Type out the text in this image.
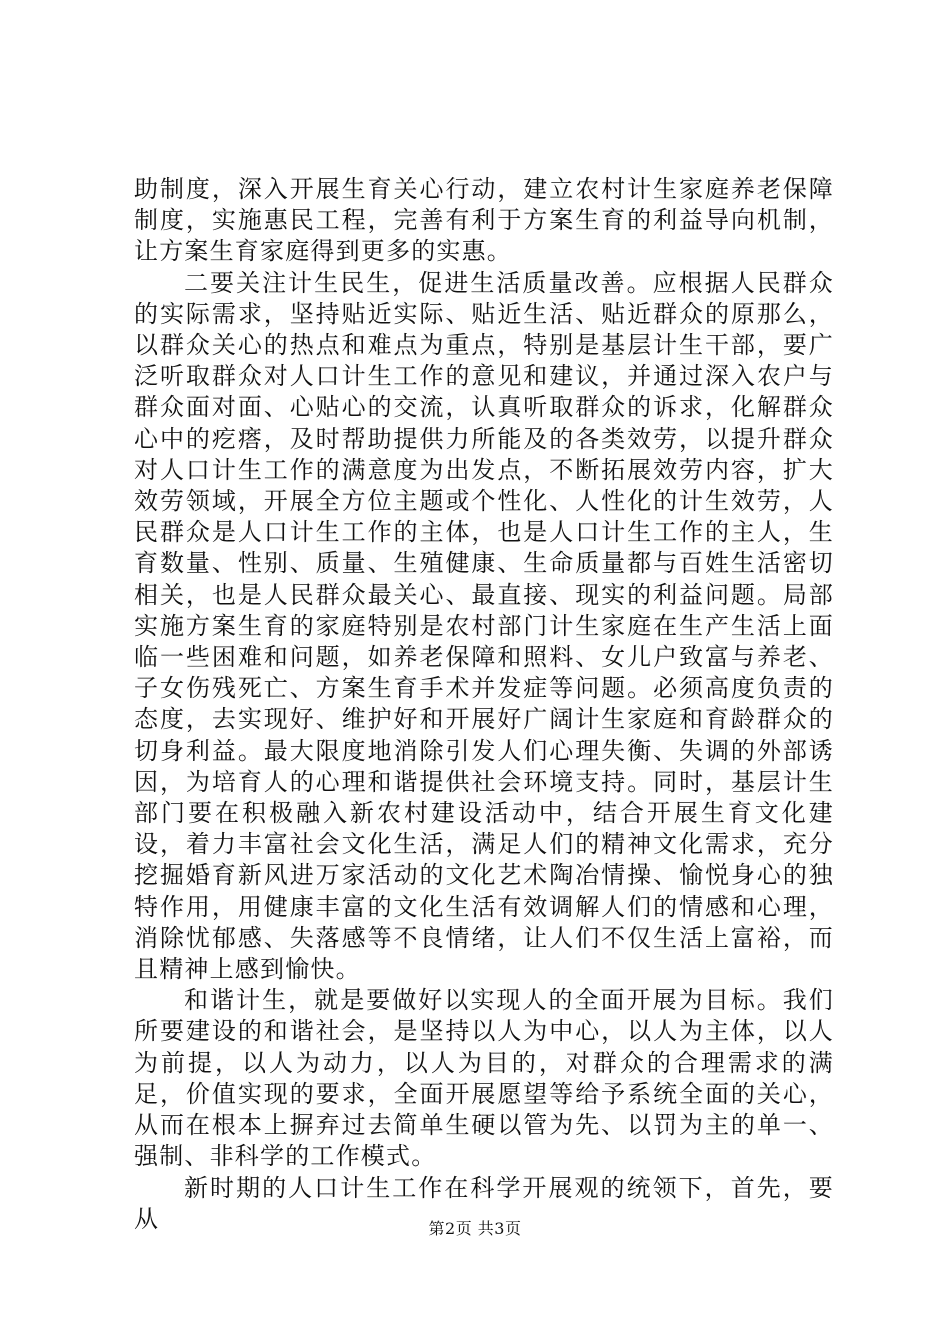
助制度，深入开展生育关心行动，建立农村计生家庭养老保障制度，实施惠民工程，完善有利于方案生育的利益导向机制，让方案生育家庭得到更多的实惠。

二要关注计生民生，促进生活质量改善。应根据人民群众的实际需求，坚持贴近实际、贴近生活、贴近群众的原那么，以群众关心的热点和难点为重点，特别是基层计生干部，要广泛听取群众对人口计生工作的意见和建议，并通过深入农户与群众面对面、心贴心的交流，认真听取群众的诉求，化解群众心中的疙瘩，及时帮助提供力所能及的各类效劳，以提升群众对人口计生工作的满意度为出发点，不断拓展效劳内容，扩大效劳领域，开展全方位主题或个性化、人性化的计生效劳，人民群众是人口计生工作的主体，也是人口计生工作的主人，生育数量、性别、质量、生殖健康、生命质量都与百姓生活密切相关，也是人民群众最关心、最直接、现实的利益问题。局部实施方案生育的家庭特别是农村部门计生家庭在生产生活上面临一些困难和问题，如养老保障和照料、女儿户致富与养老、子女伤残死亡、方案生育手术并发症等问题。必须高度负责的态度，去实现好、维护好和开展好广阔计生家庭和育龄群众的切身利益。最大限度地消除引发人们心理失衡、失调的外部诱因，为培育人的心理和谐提供社会环境支持。同时，基层计生部门要在积极融入新农村建设活动中，结合开展生育文化建设，着力丰富社会文化生活，满足人们的精神文化需求，充分挖掘婚育新风进万家活动的文化艺术陶冶情操、愉悦身心的独特作用，用健康丰富的文化生活有效调解人们的情感和心理，消除忧郁感、失落感等不良情绪，让人们不仅生活上富裕，而且精神上感到愉快。

和谐计生，就是要做好以实现人的全面开展为目标。我们所要建设的和谐社会，是坚持以人为中心，以人为主体，以人为前提，以人为动力，以人为目的，对群众的合理需求的满足，价值实现的要求，全面开展愿望等给予系统全面的关心，从而在根本上摒弃过去简单生硬以管为先、以罚为主的单一、强制、非科学的工作模式。

新时期的人口计生工作在科学开展观的统领下，首先，要从	第2页 共3页
